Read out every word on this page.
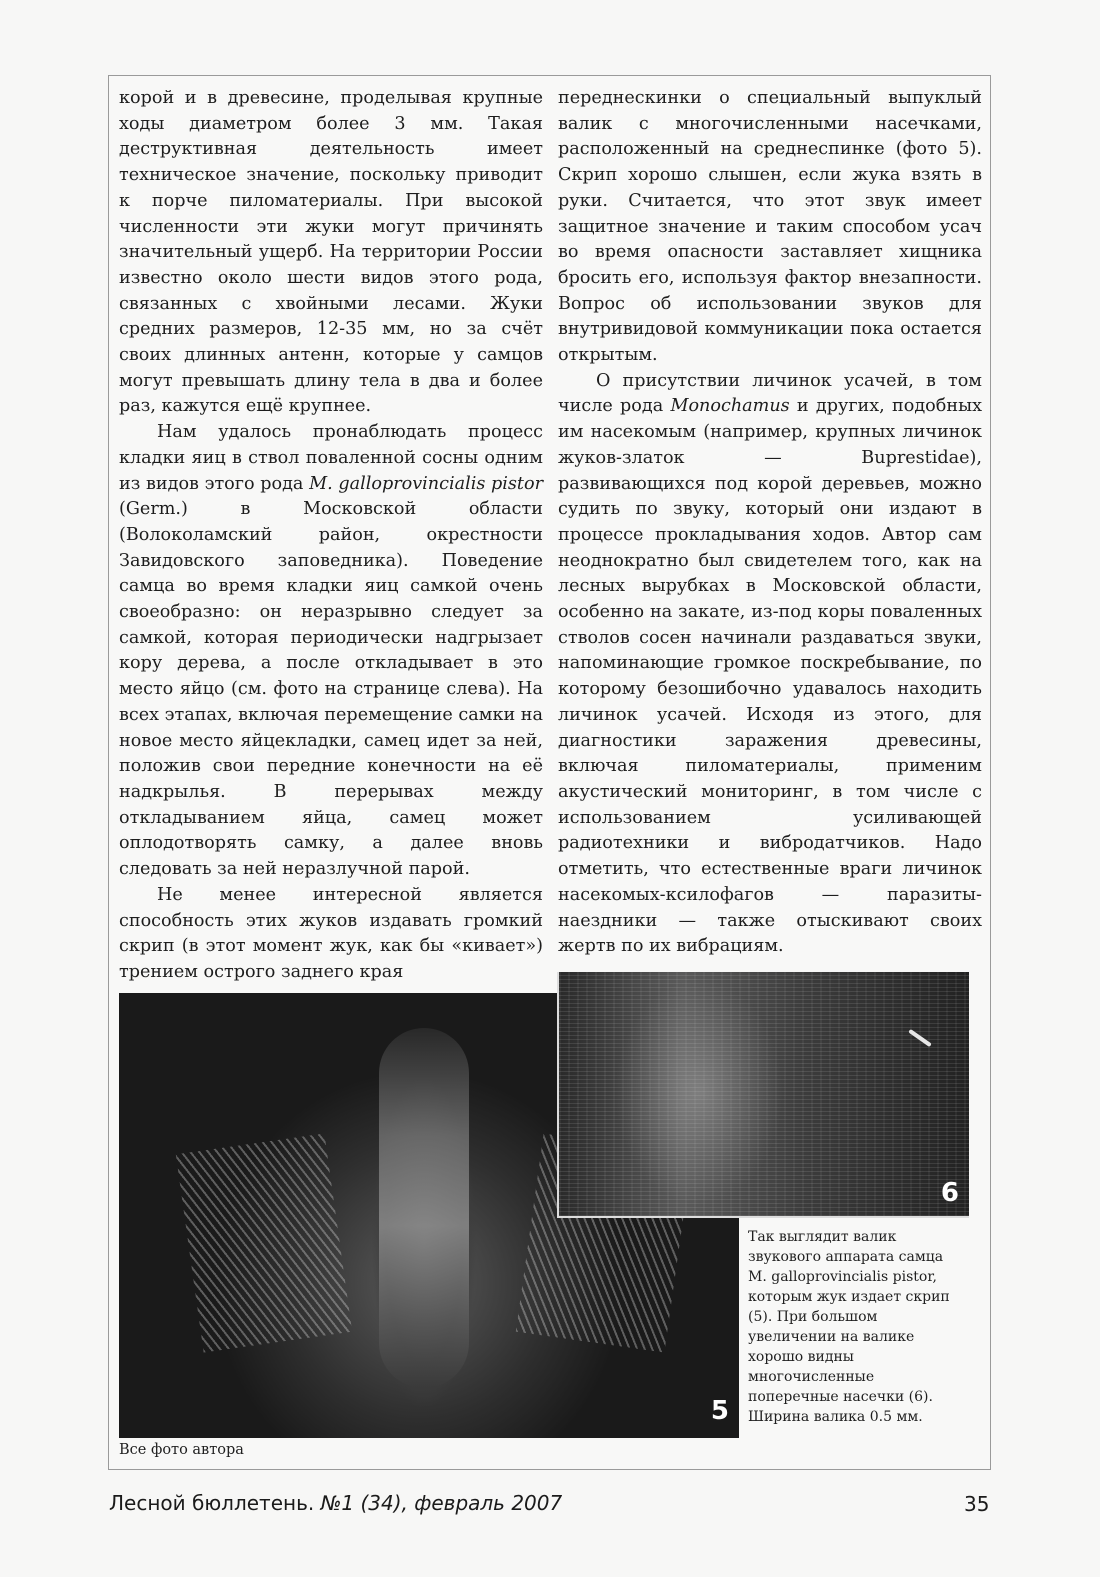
корой и в древесине, проделывая крупные ходы диаметром более 3 мм. Такая деструктивная деятельность имеет техническое значение, поскольку приводит к порче пиломатериалы. При высокой численности эти жуки могут причинять значительный ущерб. На территории России известно около шести видов этого рода, связанных с хвойными лесами. Жуки средних размеров, 12-35 мм, но за счёт своих длинных антенн, которые у самцов могут превышать длину тела в два и более раз, кажутся ещё крупнее.

Нам удалось пронаблюдать процесс кладки яиц в ствол поваленной сосны одним из видов этого рода M. galloprovincialis pistor (Germ.) в Московской области (Волоколамский район, окрестности Завидовского заповедника). Поведение самца во время кладки яиц самкой очень своеобразно: он неразрывно следует за самкой, которая периодически надгрызает кору дерева, а после откладывает в это место яйцо (см. фото на странице слева). На всех этапах, включая перемещение самки на новое место яйцекладки, самец идет за ней, положив свои передние конечности на её надкрылья. В перерывах между откладыванием яйца, самец может оплодотворять самку, а далее вновь следовать за ней неразлучной парой.

Не менее интересной является способность этих жуков издавать громкий скрип (в этот момент жук, как бы «кивает») трением острого заднего края

переднескинки о специальный выпуклый валик с многочисленными насечками, расположенный на среднеспинке (фото 5). Скрип хорошо слышен, если жука взять в руки. Считается, что этот звук имеет защитное значение и таким способом усач во время опасности заставляет хищника бросить его, используя фактор внезапности. Вопрос об использовании звуков для внутривидовой коммуникации пока остается открытым.

О присутствии личинок усачей, в том числе рода Monochamus и других, подобных им насекомым (например, крупных личинок жуков-златок — Buprestidae), развивающихся под корой деревьев, можно судить по звуку, который они издают в процессе прокладывания ходов. Автор сам неоднократно был свидетелем того, как на лесных вырубках в Московской области, особенно на закате, из-под коры поваленных стволов сосен начинали раздаваться звуки, напоминающие громкое поскребывание, по которому безошибочно удавалось находить личинок усачей. Исходя из этого, для диагностики заражения древесины, включая пиломатериалы, применим акустический мониторинг, в том числе с использованием усиливающей радиотехники и вибродатчиков. Надо отметить, что естественные враги личинок насекомых-ксилофагов — паразиты-наездники — также отыскивают своих жертв по их вибрациям.

5
6
Так выглядит валик звукового аппарата самца M. galloprovincialis pistor, которым жук издает скрип (5). При большом увеличении на валике хорошо видны многочисленные поперечные насечки (6). Ширина валика 0.5 мм.
Все фото автора
Лесной бюллетень. №1 (34), февраль 2007	35
